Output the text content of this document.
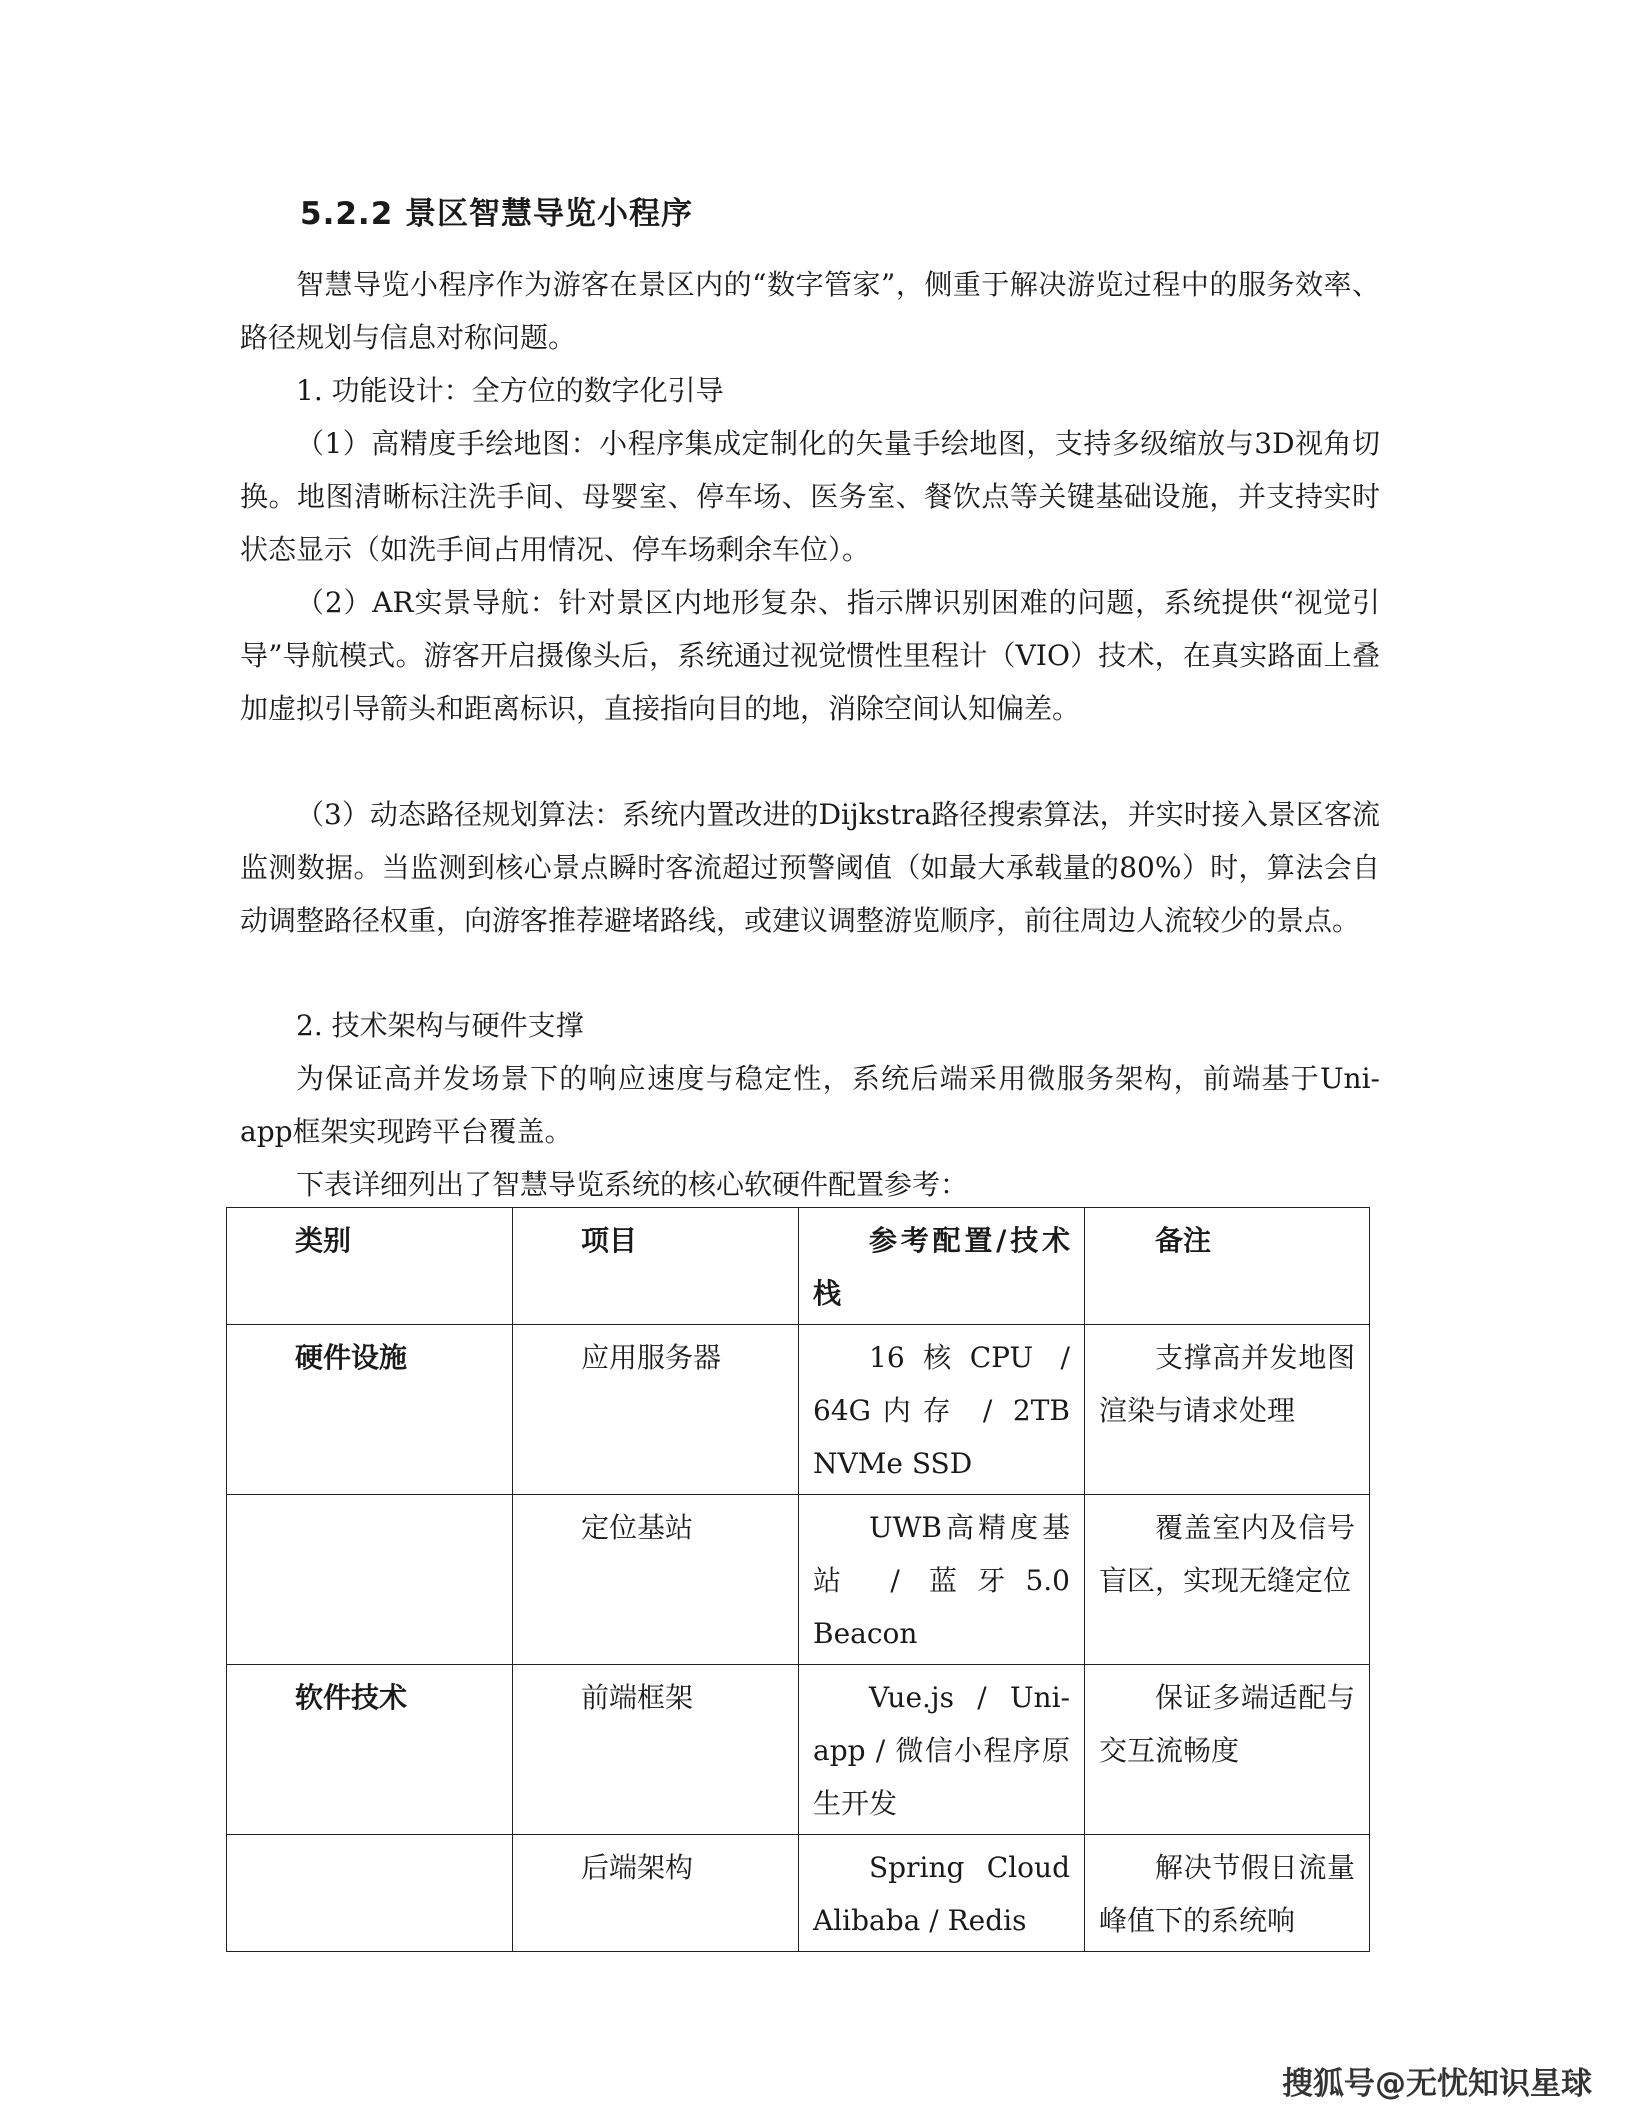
5.2.2 景区智慧导览小程序

智慧导览小程序作为游客在景区内的“数字管家”，侧重于解决游览过程中的服务效率、路径规划与信息对称问题。

1. 功能设计：全方位的数字化引导

（1）高精度手绘地图：小程序集成定制化的矢量手绘地图，支持多级缩放与3D视角切换。地图清晰标注洗手间、母婴室、停车场、医务室、餐饮点等关键基础设施，并支持实时状态显示（如洗手间占用情况、停车场剩余车位）。

（2）AR实景导航：针对景区内地形复杂、指示牌识别困难的问题，系统提供“视觉引导”导航模式。游客开启摄像头后，系统通过视觉惯性里程计（VIO）技术，在真实路面上叠加虚拟引导箭头和距离标识，直接指向目的地，消除空间认知偏差。

（3）动态路径规划算法：系统内置改进的Dijkstra路径搜索算法，并实时接入景区客流监测数据。当监测到核心景点瞬时客流超过预警阈值（如最大承载量的80%）时，算法会自动调整路径权重，向游客推荐避堵路线，或建议调整游览顺序，前往周边人流较少的景点。

2. 技术架构与硬件支撑

为保证高并发场景下的响应速度与稳定性，系统后端采用微服务架构，前端基于Uni-app框架实现跨平台覆盖。

下表详细列出了智慧导览系统的核心软硬件配置参考：

类别	项目	参考配置/技术栈	备注
硬件设施	应用服务器	16核CPU / 64G内存 / 2TB NVMe SSD	支撑高并发地图渲染与请求处理
	定位基站	UWB高精度基站 / 蓝牙5.0 Beacon	覆盖室内及信号盲区，实现无缝定位
软件技术	前端框架	Vue.js / Uni-app / 微信小程序原生开发	保证多端适配与交互流畅度
	后端架构	Spring Cloud Alibaba / Redis	解决节假日流量峰值下的系统响
搜狐号@无忧知识星球
